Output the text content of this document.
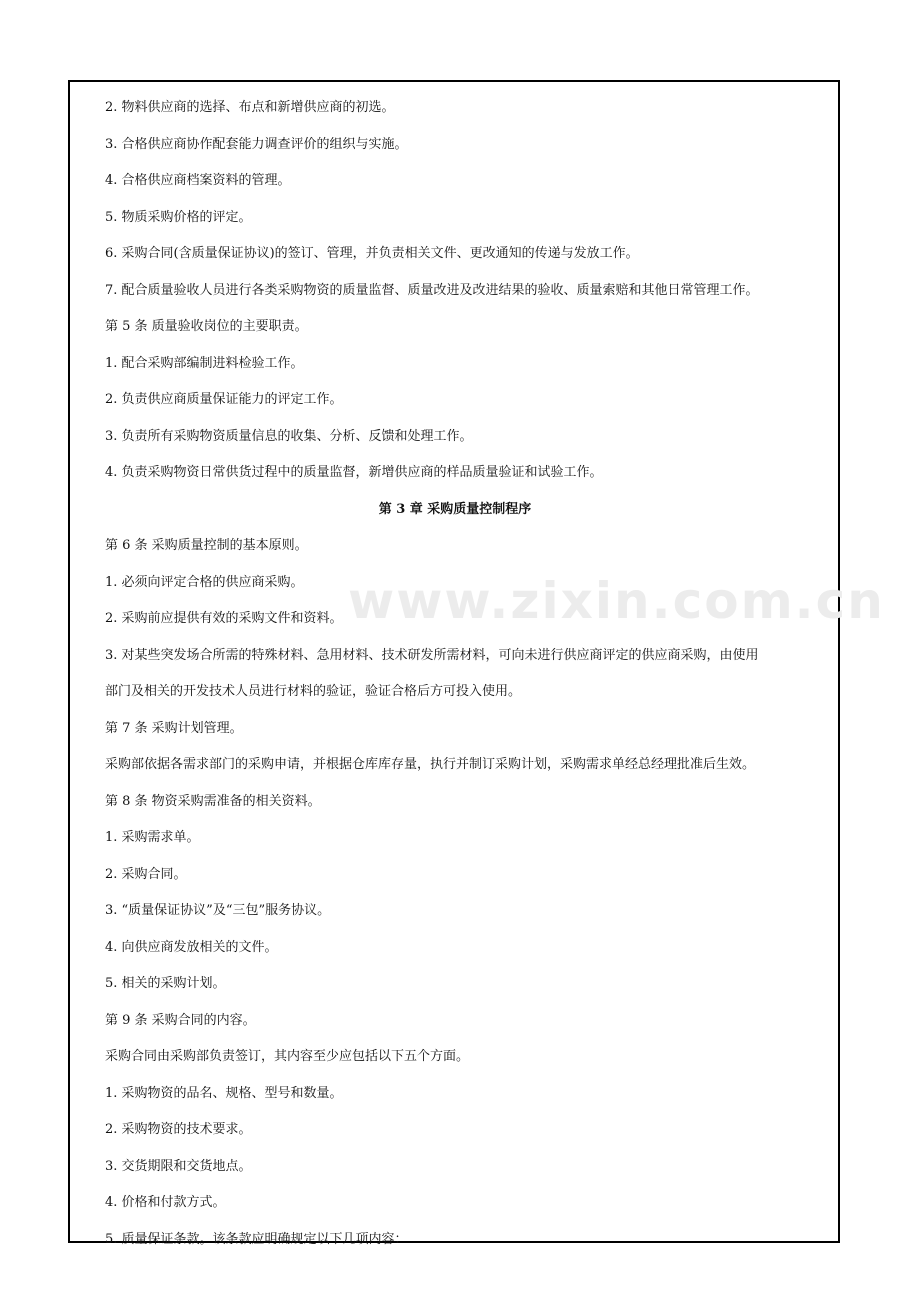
www.zixin.com.cn
2. 物料供应商的选择、布点和新增供应商的初选。
3. 合格供应商协作配套能力调查评价的组织与实施。
4. 合格供应商档案资料的管理。
5. 物质采购价格的评定。
6. 采购合同(含质量保证协议)的签订、管理，并负责相关文件、更改通知的传递与发放工作。
7. 配合质量验收人员进行各类采购物资的质量监督、质量改进及改进结果的验收、质量索赔和其他日常管理工作。
第 5 条 质量验收岗位的主要职责。
1. 配合采购部编制进料检验工作。
2. 负责供应商质量保证能力的评定工作。
3. 负责所有采购物资质量信息的收集、分析、反馈和处理工作。
4. 负责采购物资日常供货过程中的质量监督，新增供应商的样品质量验证和试验工作。
第 3 章 采购质量控制程序
第 6 条 采购质量控制的基本原则。
1. 必须向评定合格的供应商采购。
2. 采购前应提供有效的采购文件和资料。
3. 对某些突发场合所需的特殊材料、急用材料、技术研发所需材料，可向未进行供应商评定的供应商采购，由使用
部门及相关的开发技术人员进行材料的验证，验证合格后方可投入使用。
第 7 条 采购计划管理。
采购部依据各需求部门的采购申请，并根据仓库库存量，执行并制订采购计划，采购需求单经总经理批准后生效。
第 8 条 物资采购需准备的相关资料。
1. 采购需求单。
2. 采购合同。
3. “质量保证协议”及“三包”服务协议。
4. 向供应商发放相关的文件。
5. 相关的采购计划。
第 9 条 采购合同的内容。
采购合同由采购部负责签订，其内容至少应包括以下五个方面。
1. 采购物资的品名、规格、型号和数量。
2. 采购物资的技术要求。
3. 交货期限和交货地点。
4. 价格和付款方式。
5. 质量保证条款。该条款应明确规定以下几项内容：
